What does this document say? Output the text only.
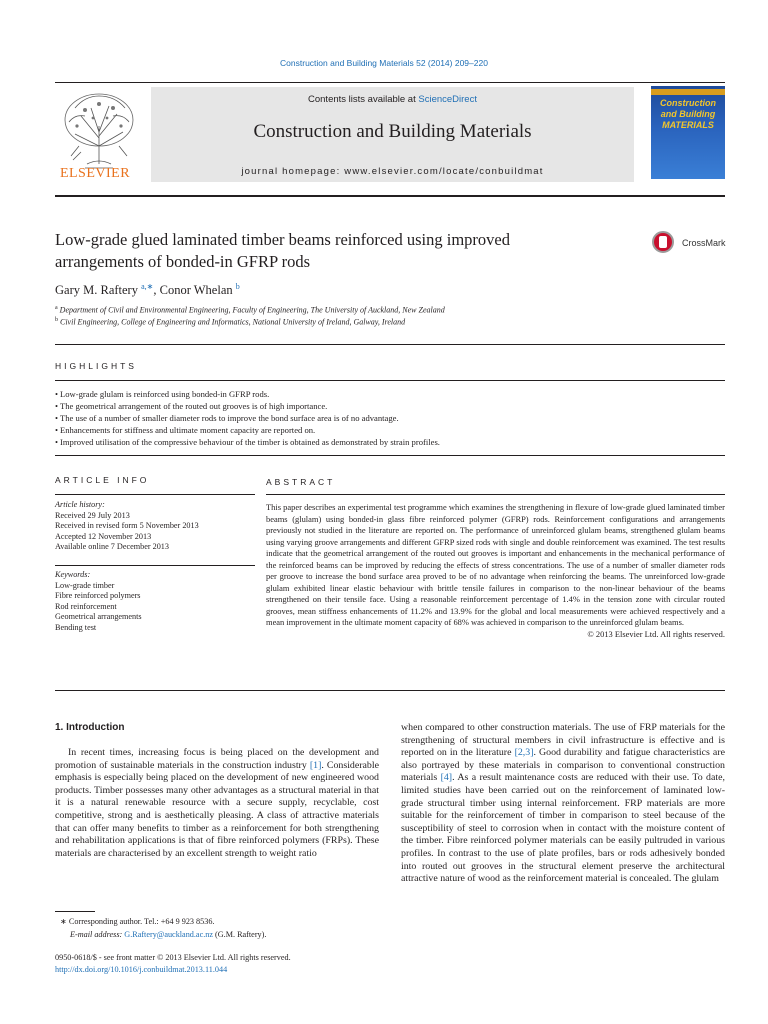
Construction and Building Materials 52 (2014) 209–220
ELSEVIER
Contents lists available at ScienceDirect
Construction and Building Materials
journal homepage: www.elsevier.com/locate/conbuildmat
Construction
and Building
MATERIALS
Low-grade glued laminated timber beams reinforced using improved
arrangements of bonded-in GFRP rods
CrossMark
Gary M. Raftery $^{a,∗}$, Conor Whelan $^b$
$^a$ Department of Civil and Environmental Engineering, Faculty of Engineering, The University of Auckland, New Zealand
$^b$ Civil Engineering, College of Engineering and Informatics, National University of Ireland, Galway, Ireland
HIGHLIGHTS
• Low-grade glulam is reinforced using bonded-in GFRP rods.
• The geometrical arrangement of the routed out grooves is of high importance.
• The use of a number of smaller diameter rods to improve the bond surface area is of no advantage.
• Enhancements for stiffness and ultimate moment capacity are reported on.
• Improved utilisation of the compressive behaviour of the timber is obtained as demonstrated by strain profiles.
ARTICLE INFO	ABSTRACT
Article history:
Received 29 July 2013
Received in revised form 5 November 2013
Accepted 12 November 2013
Available online 7 December 2013
Keywords:
Low-grade timber
Fibre reinforced polymers
Rod reinforcement
Geometrical arrangements
Bending test
This paper describes an experimental test programme which examines the strengthening in flexure of low-grade glued laminated timber beams (glulam) using bonded-in glass fibre reinforced polymer (GFRP) rods. Reinforcement configurations and arrangements previously not studied in the literature are reported on. The performance of unreinforced glulam beams, strengthened glulam beams using varying groove arrangements and different GFRP sized rods with single and double reinforcement was examined. The test results indicate that the geometrical arrangement of the routed out grooves is important and enhancements in the mechanical performance of the reinforced beams can be improved by reducing the effects of stress concentrations. The use of a number of smaller diameter rods per groove to increase the bond surface area proved to be of no advantage when reinforcing the beams. The unreinforced low-grade glulam exhibited linear elastic behaviour with brittle tensile failures in comparison to the non-linear behaviour of the beams strengthened on their tensile face. Using a reasonable reinforcement percentage of 1.4% in the tension zone with circular routed grooves, mean stiffness enhancements of 11.2% and 13.9% for the global and local measurements were achieved respectively and a mean improvement in the ultimate moment capacity of 68% was achieved in comparison to the unreinforced glulam beams.
© 2013 Elsevier Ltd. All rights reserved.
1. Introduction

In recent times, increasing focus is being placed on the development and promotion of sustainable materials in the construction industry [1]. Considerable emphasis is especially being placed on the development of new engineered wood products. Timber possesses many other advantages as a structural material in that it is a natural renewable resource with a secure supply, recyclable, cost competitive, strong and is aesthetically pleasing. A class of attractive materials that can offer many benefits to timber as a reinforcement for both strengthening and rehabilitation applications is that of fibre reinforced polymers (FRPs). These materials are characterised by an excellent strength to weight ratio

when compared to other construction materials. The use of FRP materials for the strengthening of structural members in civil infrastructure is effective and is reported on in the literature [2,3]. Good durability and fatigue characteristics are also portrayed by these materials in comparison to conventional construction materials [4]. As a result maintenance costs are reduced with their use. To date, limited studies have been carried out on the reinforcement of laminated low-grade structural timber using internal reinforcement. FRP materials are more suitable for the reinforcement of timber in comparison to steel because of the susceptibility of steel to corrosion when in contact with the moisture content of the timber. Fibre reinforced polymer materials can be easily pultruded in various profiles. In contrast to the use of plate profiles, bars or rods adhesively bonded into routed out grooves in the structural element preserve the architectural attractive nature of wood as the reinforcement material is concealed. The glulam

∗ Corresponding author. Tel.: +64 9 923 8536.
E-mail address: G.Raftery@auckland.ac.nz (G.M. Raftery).
0950-0618/$ - see front matter © 2013 Elsevier Ltd. All rights reserved.
http://dx.doi.org/10.1016/j.conbuildmat.2013.11.044
